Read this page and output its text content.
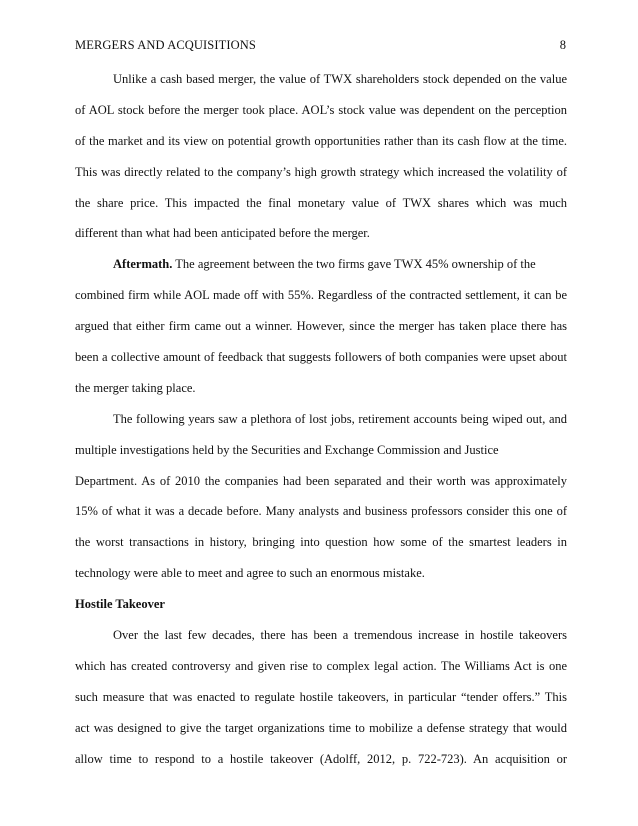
MERGERS AND ACQUISITIONS	8
Unlike a cash based merger, the value of TWX shareholders stock depended on the value
of AOL stock before the merger took place. AOL’s stock value was dependent on the perception
of the market and its view on potential growth opportunities rather than its cash flow at the time.
This was directly related to the company’s high growth strategy which increased the volatility of
the share price. This impacted the final monetary value of TWX shares which was much
different than what had been anticipated before the merger.
Aftermath. The agreement between the two firms gave TWX 45% ownership of the
combined firm while AOL made off with 55%. Regardless of the contracted settlement, it can be
argued that either firm came out a winner. However, since the merger has taken place there has
been a collective amount of feedback that suggests followers of both companies were upset about
the merger taking place.
The following years saw a plethora of lost jobs, retirement accounts being wiped out, and
multiple investigations held by the Securities and Exchange Commission and Justice
Department. As of 2010 the companies had been separated and their worth was approximately
15% of what it was a decade before. Many analysts and business professors consider this one of
the worst transactions in history, bringing into question how some of the smartest leaders in
technology were able to meet and agree to such an enormous mistake.
Hostile Takeover
Over the last few decades, there has been a tremendous increase in hostile takeovers
which has created controversy and given rise to complex legal action. The Williams Act is one
such measure that was enacted to regulate hostile takeovers, in particular “tender offers.” This
act was designed to give the target organizations time to mobilize a defense strategy that would
allow time to respond to a hostile takeover (Adolff, 2012, p. 722-723). An acquisition or
